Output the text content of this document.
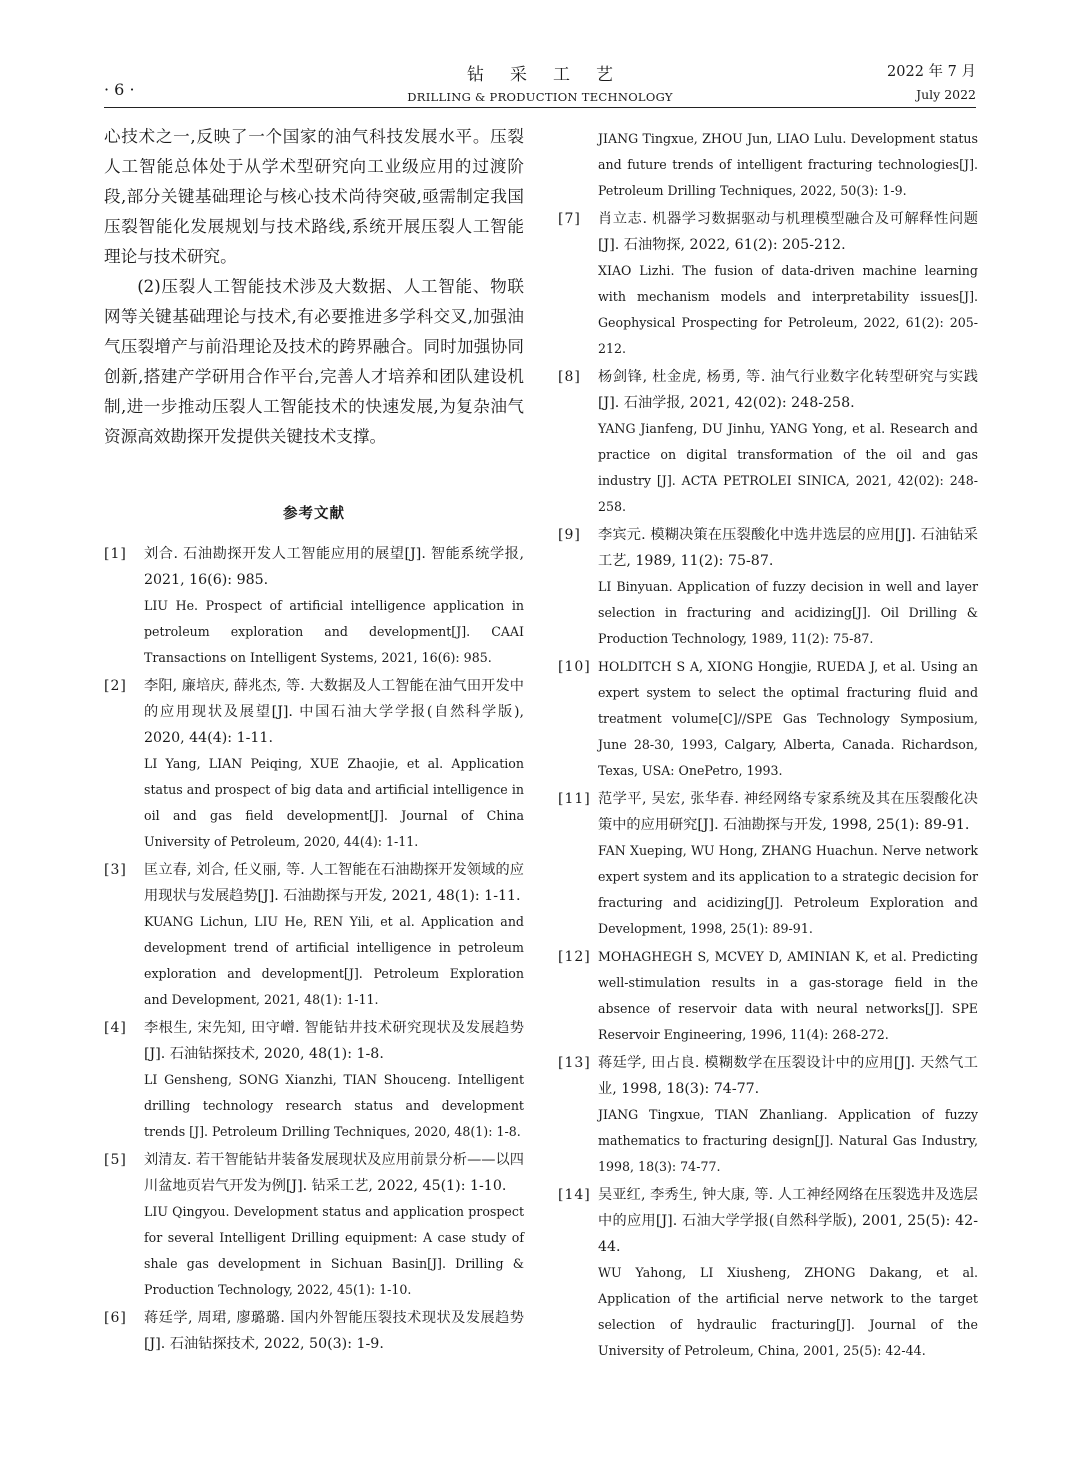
· 6 ·
钻采工艺
DRILLING & PRODUCTION TECHNOLOGY
2022 年 7 月
July 2022

心技术之一,反映了一个国家的油气科技发展水平。压裂人工智能总体处于从学术型研究向工业级应用的过渡阶段,部分关键基础理论与核心技术尚待突破,亟需制定我国压裂智能化发展规划与技术路线,系统开展压裂人工智能理论与技术研究。

(2)压裂人工智能技术涉及大数据、人工智能、物联网等关键基础理论与技术,有必要推进多学科交叉,加强油气压裂增产与前沿理论及技术的跨界融合。同时加强协同创新,搭建产学研用合作平台,完善人才培养和团队建设机制,进一步推动压裂人工智能技术的快速发展,为复杂油气资源高效勘探开发提供关键技术支撑。

参考文献
[1] 刘合. 石油勘探开发人工智能应用的展望[J]. 智能系统学报, 2021, 16(6): 985.

LIU He. Prospect of artificial intelligence application in petroleum exploration and development[J]. CAAI Transactions on Intelligent Systems, 2021, 16(6): 985.

[2] 李阳, 廉培庆, 薛兆杰, 等. 大数据及人工智能在油气田开发中的应用现状及展望[J]. 中国石油大学学报(自然科学版), 2020, 44(4): 1-11.

LI Yang, LIAN Peiqing, XUE Zhaojie, et al. Application status and prospect of big data and artificial intelligence in oil and gas field development[J]. Journal of China University of Petroleum, 2020, 44(4): 1-11.

[3] 匡立春, 刘合, 任义丽, 等. 人工智能在石油勘探开发领域的应用现状与发展趋势[J]. 石油勘探与开发, 2021, 48(1): 1-11.

KUANG Lichun, LIU He, REN Yili, et al. Application and development trend of artificial intelligence in petroleum exploration and development[J]. Petroleum Exploration and Development, 2021, 48(1): 1-11.

[4] 李根生, 宋先知, 田守嶒. 智能钻井技术研究现状及发展趋势[J]. 石油钻探技术, 2020, 48(1): 1-8.

LI Gensheng, SONG Xianzhi, TIAN Shouceng. Intelligent drilling technology research status and development trends [J]. Petroleum Drilling Techniques, 2020, 48(1): 1-8.

[5] 刘清友. 若干智能钻井装备发展现状及应用前景分析——以四川盆地页岩气开发为例[J]. 钻采工艺, 2022, 45(1): 1-10.

LIU Qingyou. Development status and application prospect for several Intelligent Drilling equipment: A case study of shale gas development in Sichuan Basin[J]. Drilling & Production Technology, 2022, 45(1): 1-10.

[6] 蒋廷学, 周珺, 廖璐璐. 国内外智能压裂技术现状及发展趋势[J]. 石油钻探技术, 2022, 50(3): 1-9.

JIANG Tingxue, ZHOU Jun, LIAO Lulu. Development status and future trends of intelligent fracturing technologies[J]. Petroleum Drilling Techniques, 2022, 50(3): 1-9.

[7] 肖立志. 机器学习数据驱动与机理模型融合及可解释性问题[J]. 石油物探, 2022, 61(2): 205-212.

XIAO Lizhi. The fusion of data-driven machine learning with mechanism models and interpretability issues[J]. Geophysical Prospecting for Petroleum, 2022, 61(2): 205-212.

[8] 杨剑锋, 杜金虎, 杨勇, 等. 油气行业数字化转型研究与实践 [J]. 石油学报, 2021, 42(02): 248-258.

YANG Jianfeng, DU Jinhu, YANG Yong, et al. Research and practice on digital transformation of the oil and gas industry [J]. ACTA PETROLEI SINICA, 2021, 42(02): 248-258.

[9] 李宾元. 模糊决策在压裂酸化中选井选层的应用[J]. 石油钻采工艺, 1989, 11(2): 75-87.

LI Binyuan. Application of fuzzy decision in well and layer selection in fracturing and acidizing[J]. Oil Drilling & Production Technology, 1989, 11(2): 75-87.

[10] HOLDITCH S A, XIONG Hongjie, RUEDA J, et al. Using an expert system to select the optimal fracturing fluid and treatment volume[C]//SPE Gas Technology Symposium, June 28-30, 1993, Calgary, Alberta, Canada. Richardson, Texas, USA: OnePetro, 1993.

[11] 范学平, 吴宏, 张华春. 神经网络专家系统及其在压裂酸化决策中的应用研究[J]. 石油勘探与开发, 1998, 25(1): 89-91.

FAN Xueping, WU Hong, ZHANG Huachun. Nerve network expert system and its application to a strategic decision for fracturing and acidizing[J]. Petroleum Exploration and Development, 1998, 25(1): 89-91.

[12] MOHAGHEGH S, MCVEY D, AMINIAN K, et al. Predicting well-stimulation results in a gas-storage field in the absence of reservoir data with neural networks[J]. SPE Reservoir Engineering, 1996, 11(4): 268-272.

[13] 蒋廷学, 田占良. 模糊数学在压裂设计中的应用[J]. 天然气工业, 1998, 18(3): 74-77.

JIANG Tingxue, TIAN Zhanliang. Application of fuzzy mathematics to fracturing design[J]. Natural Gas Industry, 1998, 18(3): 74-77.

[14] 吴亚红, 李秀生, 钟大康, 等. 人工神经网络在压裂选井及选层中的应用[J]. 石油大学学报(自然科学版), 2001, 25(5): 42-44.

WU Yahong, LI Xiusheng, ZHONG Dakang, et al. Application of the artificial nerve network to the target selection of hydraulic fracturing[J]. Journal of the University of Petroleum, China, 2001, 25(5): 42-44.
